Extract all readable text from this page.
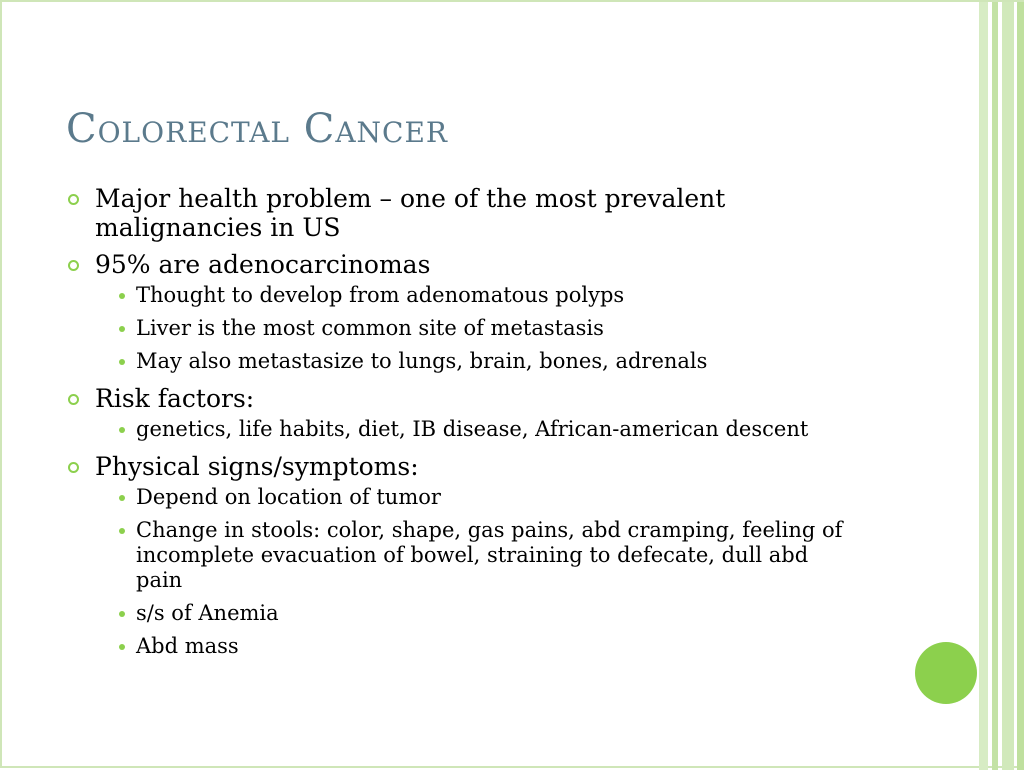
Colorectal Cancer
Major health problem – one of the most prevalent malignancies in US
95% are adenocarcinomas
Thought to develop from adenomatous polyps
Liver is the most common site of metastasis
May also metastasize to lungs, brain, bones, adrenals
Risk factors:
genetics, life habits, diet, IB disease, African-american descent
Physical signs/symptoms:
Depend on location of tumor
Change in stools: color, shape, gas pains, abd cramping, feeling of incomplete evacuation of bowel, straining to defecate, dull abd pain
s/s of Anemia
Abd mass
